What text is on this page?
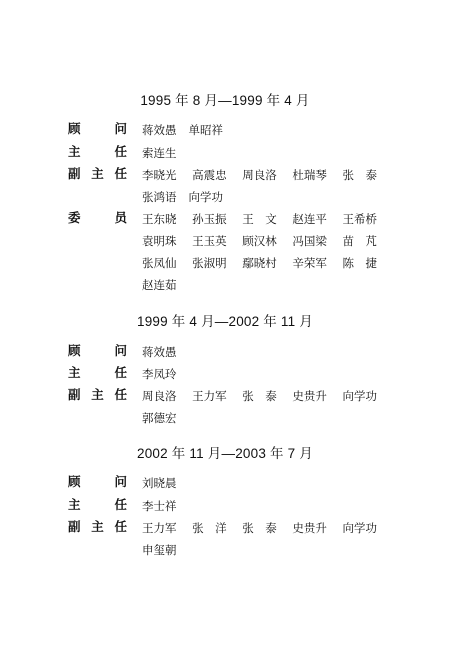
1995 年 8 月—1999 年 4 月
顾	问 蒋效愚 单昭祥
主	任 索连生
副 主 任 李晓光 高震忠 周良洛 杜瑞琴 张　泰
张鸿语 向学功
委	员 王东晓 孙玉振 王　文 赵连平 王希桥
袁明珠 王玉英 顾汉林 冯国梁 苗　芃
张凤仙 张淑明 鄢晓村 辛荣军 陈　捷
赵连茹
1999 年 4 月—2002 年 11 月
顾	问 蒋效愚
主	任 李凤玲
副 主 任 周良洛 王力军 张　泰 史贵升 向学功
郭德宏
2002 年 11 月—2003 年 7 月
顾	问 刘晓晨
主	任 李士祥
副 主 任 王力军 张　洋 张　泰 史贵升 向学功
申玺朝
